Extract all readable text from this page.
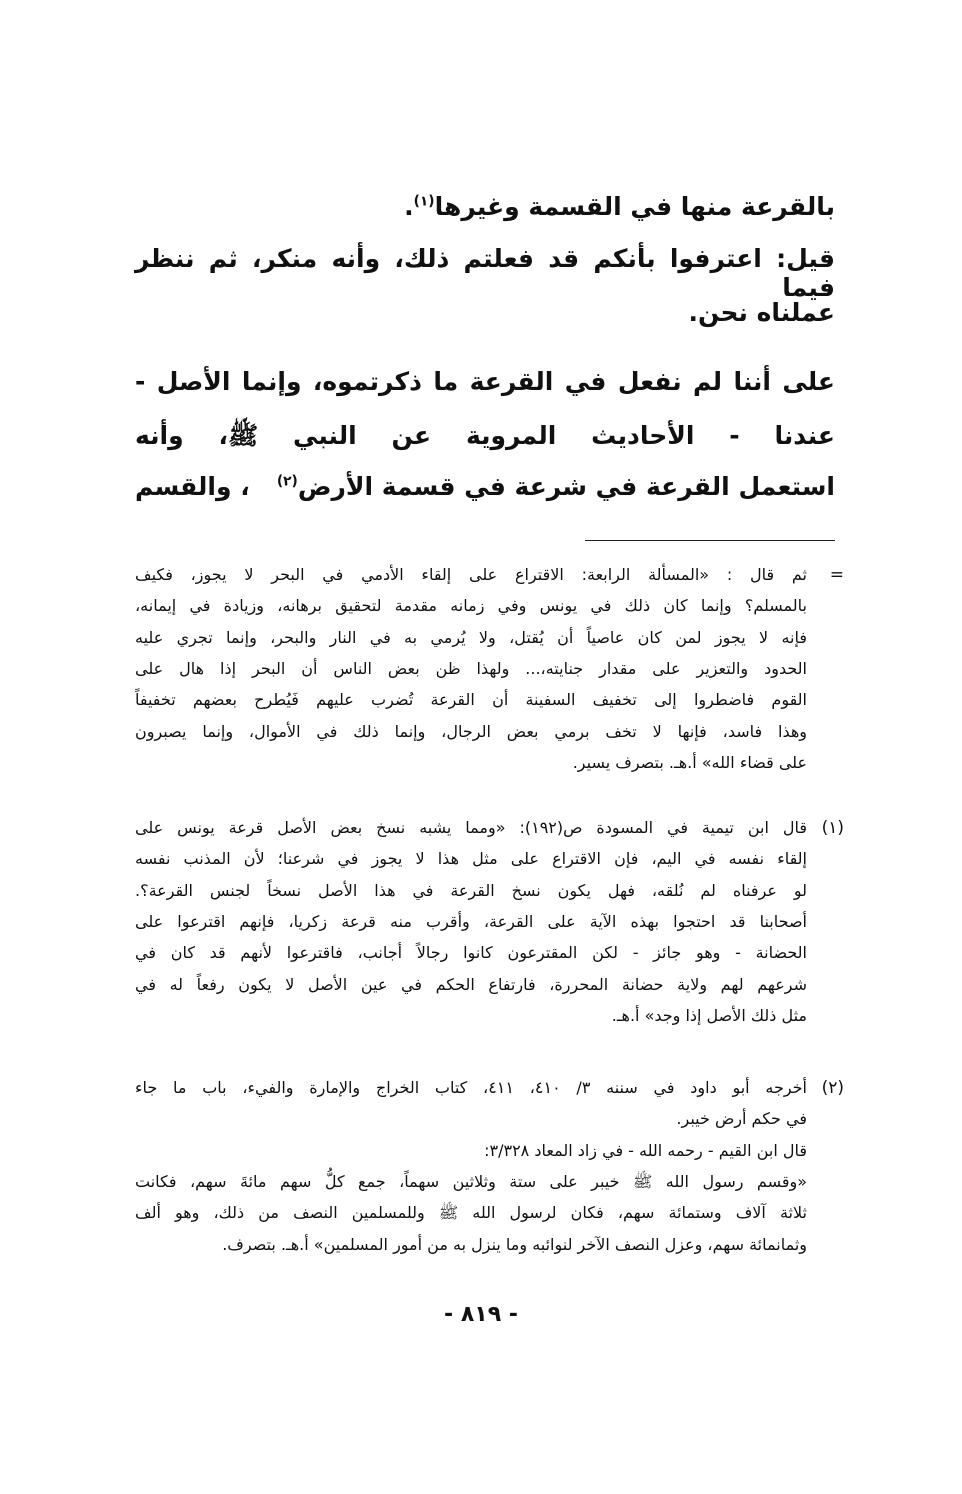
بالقرعة منها في القسمة وغيرها$^{(١)}$.
قيل: اعترفوا بأنكم قد فعلتم ذلك، وأنه منكر، ثم ننظر فيما
عملناه نحن.
على أننا لم نفعل في القرعة ما ذكرتموه، وإنما الأصل -
عندنا - الأحاديث المروية عن النبي ﷺ، وأنه
استعمل القرعة في شرعة في قسمة الأرض$^{(٢)}$
، والقسم
=
ثم قال : «المسألة الرابعة: الاقتراع على إلقاء الأدمي في البحر لا يجوز، فكيف
بالمسلم؟ وإنما كان ذلك في يونس وفي زمانه مقدمة لتحقيق برهانه، وزيادة في إيمانه،
فإنه لا يجوز لمن كان عاصياً أن يُقتل، ولا يُرمي به في النار والبحر، وإنما تجري عليه
الحدود والتعزير على مقدار جنايته،... ولهذا ظن بعض الناس أن البحر إذا هال على
القوم فاضطروا إلى تخفيف السفينة أن القرعة تُضرب عليهم فَيُطرح بعضهم تخفيفاً
وهذا فاسد، فإنها لا تخف برمي بعض الرجال، وإنما ذلك في الأموال، وإنما يصبرون
على قضاء الله» أ.هـ. بتصرف يسير.
(١)
قال ابن تيمية في المسودة ص(١٩٢): «ومما يشبه نسخ بعض الأصل قرعة يونس على
إلقاء نفسه في اليم، فإن الاقتراع على مثل هذا لا يجوز في شرعنا؛ لأن المذنب نفسه
لو عرفناه لم نُلقه، فهل يكون نسخ القرعة في هذا الأصل نسخاً لجنس القرعة؟.
أصحابنا قد احتجوا بهذه الآية على القرعة، وأقرب منه قرعة زكريا، فإنهم اقترعوا على
الحضانة - وهو جائز - لكن المقترعون كانوا رجالاً أجانب، فاقترعوا لأنهم قد كان في
شرعهم لهم ولاية حضانة المحررة، فارتفاع الحكم في عين الأصل لا يكون رفعاً له في
مثل ذلك الأصل إذا وجد» أ.هـ.
(٢)
أخرجه أبو داود في سننه ٣/ ٤١٠، ٤١١، كتاب الخراج والإمارة والفيء، باب ما جاء
في حكم أرض خيبر.
قال ابن القيم - رحمه الله - في زاد المعاد ٣/٣٢٨:
«وقسم رسول الله ﷺ خيبر على ستة وثلاثين سهماً، جمع كلُّ سهم مائةَ سهم، فكانت
ثلاثة آلاف وستمائة سهم، فكان لرسول الله ﷺ وللمسلمين النصف من ذلك، وهو ألف
وثمانمائة سهم، وعزل النصف الآخر لنوائبه وما ينزل به من أمور المسلمين» أ.هـ. بتصرف.
- ٨١٩ -
